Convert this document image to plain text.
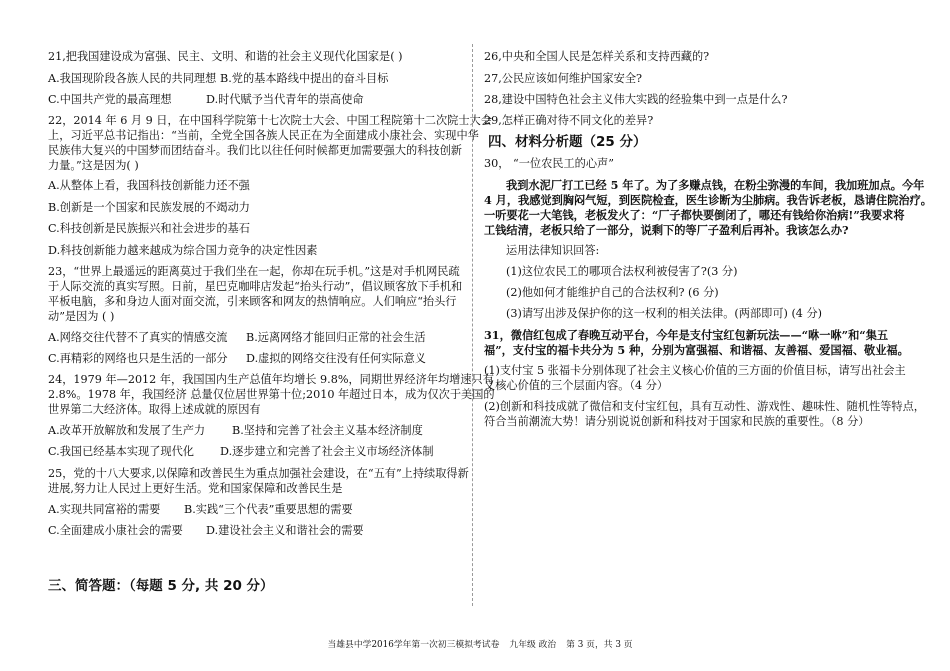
21,把我国建设成为富强、民主、文明、和谐的社会主义现代化国家是( )
A.我国现阶段各族人民的共同理想 B.党的基本路线中提出的奋斗目标
C.中国共产党的最高理想	D.时代赋予当代青年的崇高使命
22，2014 年 6 月 9 日，在中国科学院第十七次院士大会、中国工程院第十二次院士大会
上，习近平总书记指出：“当前，全党全国各族人民正在为全面建成小康社会、实现中华
民族伟大复兴的中国梦而团结奋斗。我们比以往任何时候都更加需要强大的科技创新
力量。”这是因为( )
A.从整体上看，我国科技创新能力还不强
B.创新是一个国家和民族发展的不竭动力
C.科技创新是民族振兴和社会进步的基石
D.科技创新能力越来越成为综合国力竞争的决定性因素
23，“世界上最遥远的距离莫过于我们坐在一起，你却在玩手机。”这是对手机网民疏
于人际交流的真实写照。日前，星巴克咖啡店发起“抬头行动”，倡议顾客放下手机和
平板电脑，多和身边人面对面交流，引来顾客和网友的热情响应。人们响应“抬头行
动”是因为 ( )
A.网络交往代替不了真实的情感交流 B.远离网络才能回归正常的社会生活
C.再精彩的网络也只是生活的一部分 D.虚拟的网络交往没有任何实际意义
24，1979 年—2012 年，我国国内生产总值年均增长 9.8%，同期世界经济年均增速只有
2.8%。1978 年，我国经济 总量仅位居世界第十位;2010 年超过日本，成为仅次于美国的
世界第二大经济体。取得上述成就的原因有
A.改革开放解放和发展了生产力 B.坚持和完善了社会主义基本经济制度
C.我国已经基本实现了现代化 D.逐步建立和完善了社会主义市场经济体制
25，党的十八大要求,以保障和改善民生为重点加强社会建设，在“五有”上持续取得新
进展,努力让人民过上更好生活。党和国家保障和改善民生是
A.实现共同富裕的需要 B.实践“三个代表”重要思想的需要
C.全面建成小康社会的需要 D.建设社会主义和谐社会的需要
三、简答题：（每题 5 分, 共 20 分）
26,中央和全国人民是怎样关系和支持西藏的?
27,公民应该如何维护国家安全?
28,建设中国特色社会主义伟大实践的经验集中到一点是什么?
29,怎样正确对待不同文化的差异?
四、材料分析题（25 分）
30， “一位农民工的心声”
我到水泥厂打工已经 5 年了。为了多赚点钱，在粉尘弥漫的车间，我加班加点。今年
4 月，我感觉到胸闷气短，到医院检查，医生诊断为尘肺病。我告诉老板，恳请住院治疗。
一听要花一大笔钱，老板发火了：“厂子都快要倒闭了，哪还有钱给你治病!”我要求将
工钱结清，老板只给了一部分，说剩下的等厂子盈利后再补。我该怎么办?
运用法律知识回答:
(1)这位农民工的哪项合法权利被侵害了?(3 分)
(2)他如何才能维护自己的合法权利? (6 分)
(3)请写出涉及保护你的这一权利的相关法律。(两部即可) (4 分)
31，微信红包成了春晚互动平台，今年是支付宝红包新玩法——“咻一咻”和“集五
福”，支付宝的福卡共分为 5 种，分别为富强福、和谐福、友善福、爱国福、敬业福。
(1)支付宝 5 张福卡分别体现了社会主义核心价值的三方面的价值目标，请写出社会主
义核心价值的三个层面内容。（4 分）
(2)创新和科技成就了微信和支付宝红包，具有互动性、游戏性、趣味性、随机性等特点，
符合当前潮流大势！请分别说说创新和科技对于国家和民族的重要性。（8 分）
当雄县中学2016学年第一次初三模拟考试卷 九年级 政治 第 3 页，共 3 页
